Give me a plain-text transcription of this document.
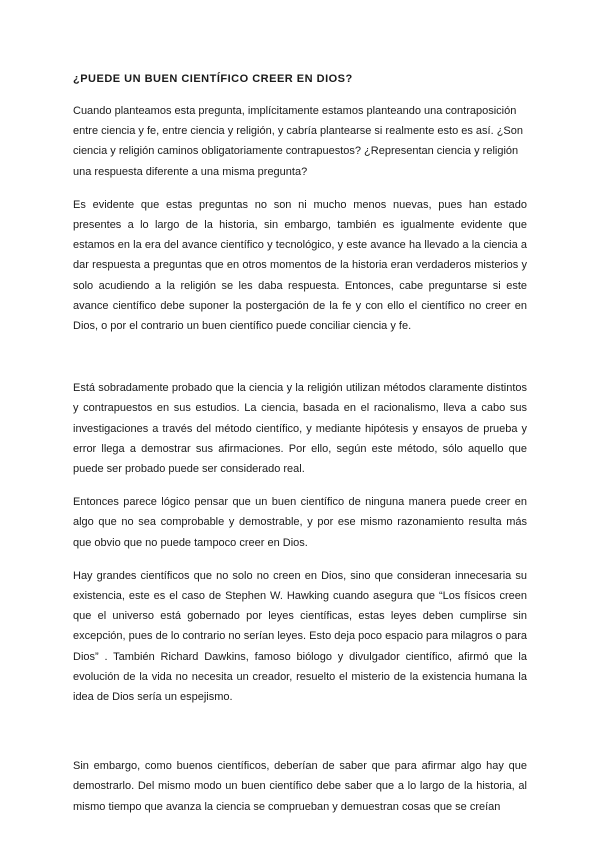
¿PUEDE UN BUEN CIENTÍFICO CREER EN DIOS?

Cuando planteamos esta pregunta, implícitamente estamos planteando una contraposición entre ciencia y fe, entre ciencia y religión, y cabría plantearse si realmente esto es así. ¿Son ciencia y religión caminos obligatoriamente contrapuestos? ¿Representan ciencia y religión una respuesta diferente a una misma pregunta?

Es evidente que estas preguntas no son ni mucho menos nuevas, pues han estado presentes a lo largo de la historia, sin embargo, también es igualmente evidente que estamos en la era del avance científico y tecnológico, y este avance ha llevado a la ciencia a dar respuesta a preguntas que en otros momentos de la historia eran verdaderos misterios y solo acudiendo a la religión se les daba respuesta. Entonces, cabe preguntarse si este avance científico debe suponer la postergación de la fe y con ello el científico no creer en Dios, o por el contrario un buen científico puede conciliar ciencia y fe.

Está sobradamente probado que la ciencia y la religión utilizan métodos claramente distintos y contrapuestos en sus estudios. La ciencia, basada en el racionalismo, lleva a cabo sus investigaciones a través del método científico, y mediante hipótesis y ensayos de prueba y error llega a demostrar sus afirmaciones. Por ello, según este método, sólo aquello que puede ser probado puede ser considerado real.

Entonces parece lógico pensar que un buen científico de ninguna manera puede creer en algo que no sea comprobable y demostrable, y por ese mismo razonamiento resulta más que obvio que no puede tampoco creer en Dios.

Hay grandes científicos que no solo no creen en Dios, sino que consideran innecesaria su existencia, este es el caso de Stephen W. Hawking cuando asegura que “Los físicos creen que el universo está gobernado por leyes científicas, estas leyes deben cumplirse sin excepción, pues de lo contrario no serían leyes. Esto deja poco espacio para milagros o para Dios” . También Richard Dawkins, famoso biólogo y divulgador científico, afirmó que la evolución de la vida no necesita un creador, resuelto el misterio de la existencia humana la idea de Dios sería un espejismo.

Sin embargo, como buenos científicos, deberían de saber que para afirmar algo hay que demostrarlo. Del mismo modo un buen científico debe saber que a lo largo de la historia, al mismo tiempo que avanza la ciencia se comprueban y demuestran cosas que se creían
